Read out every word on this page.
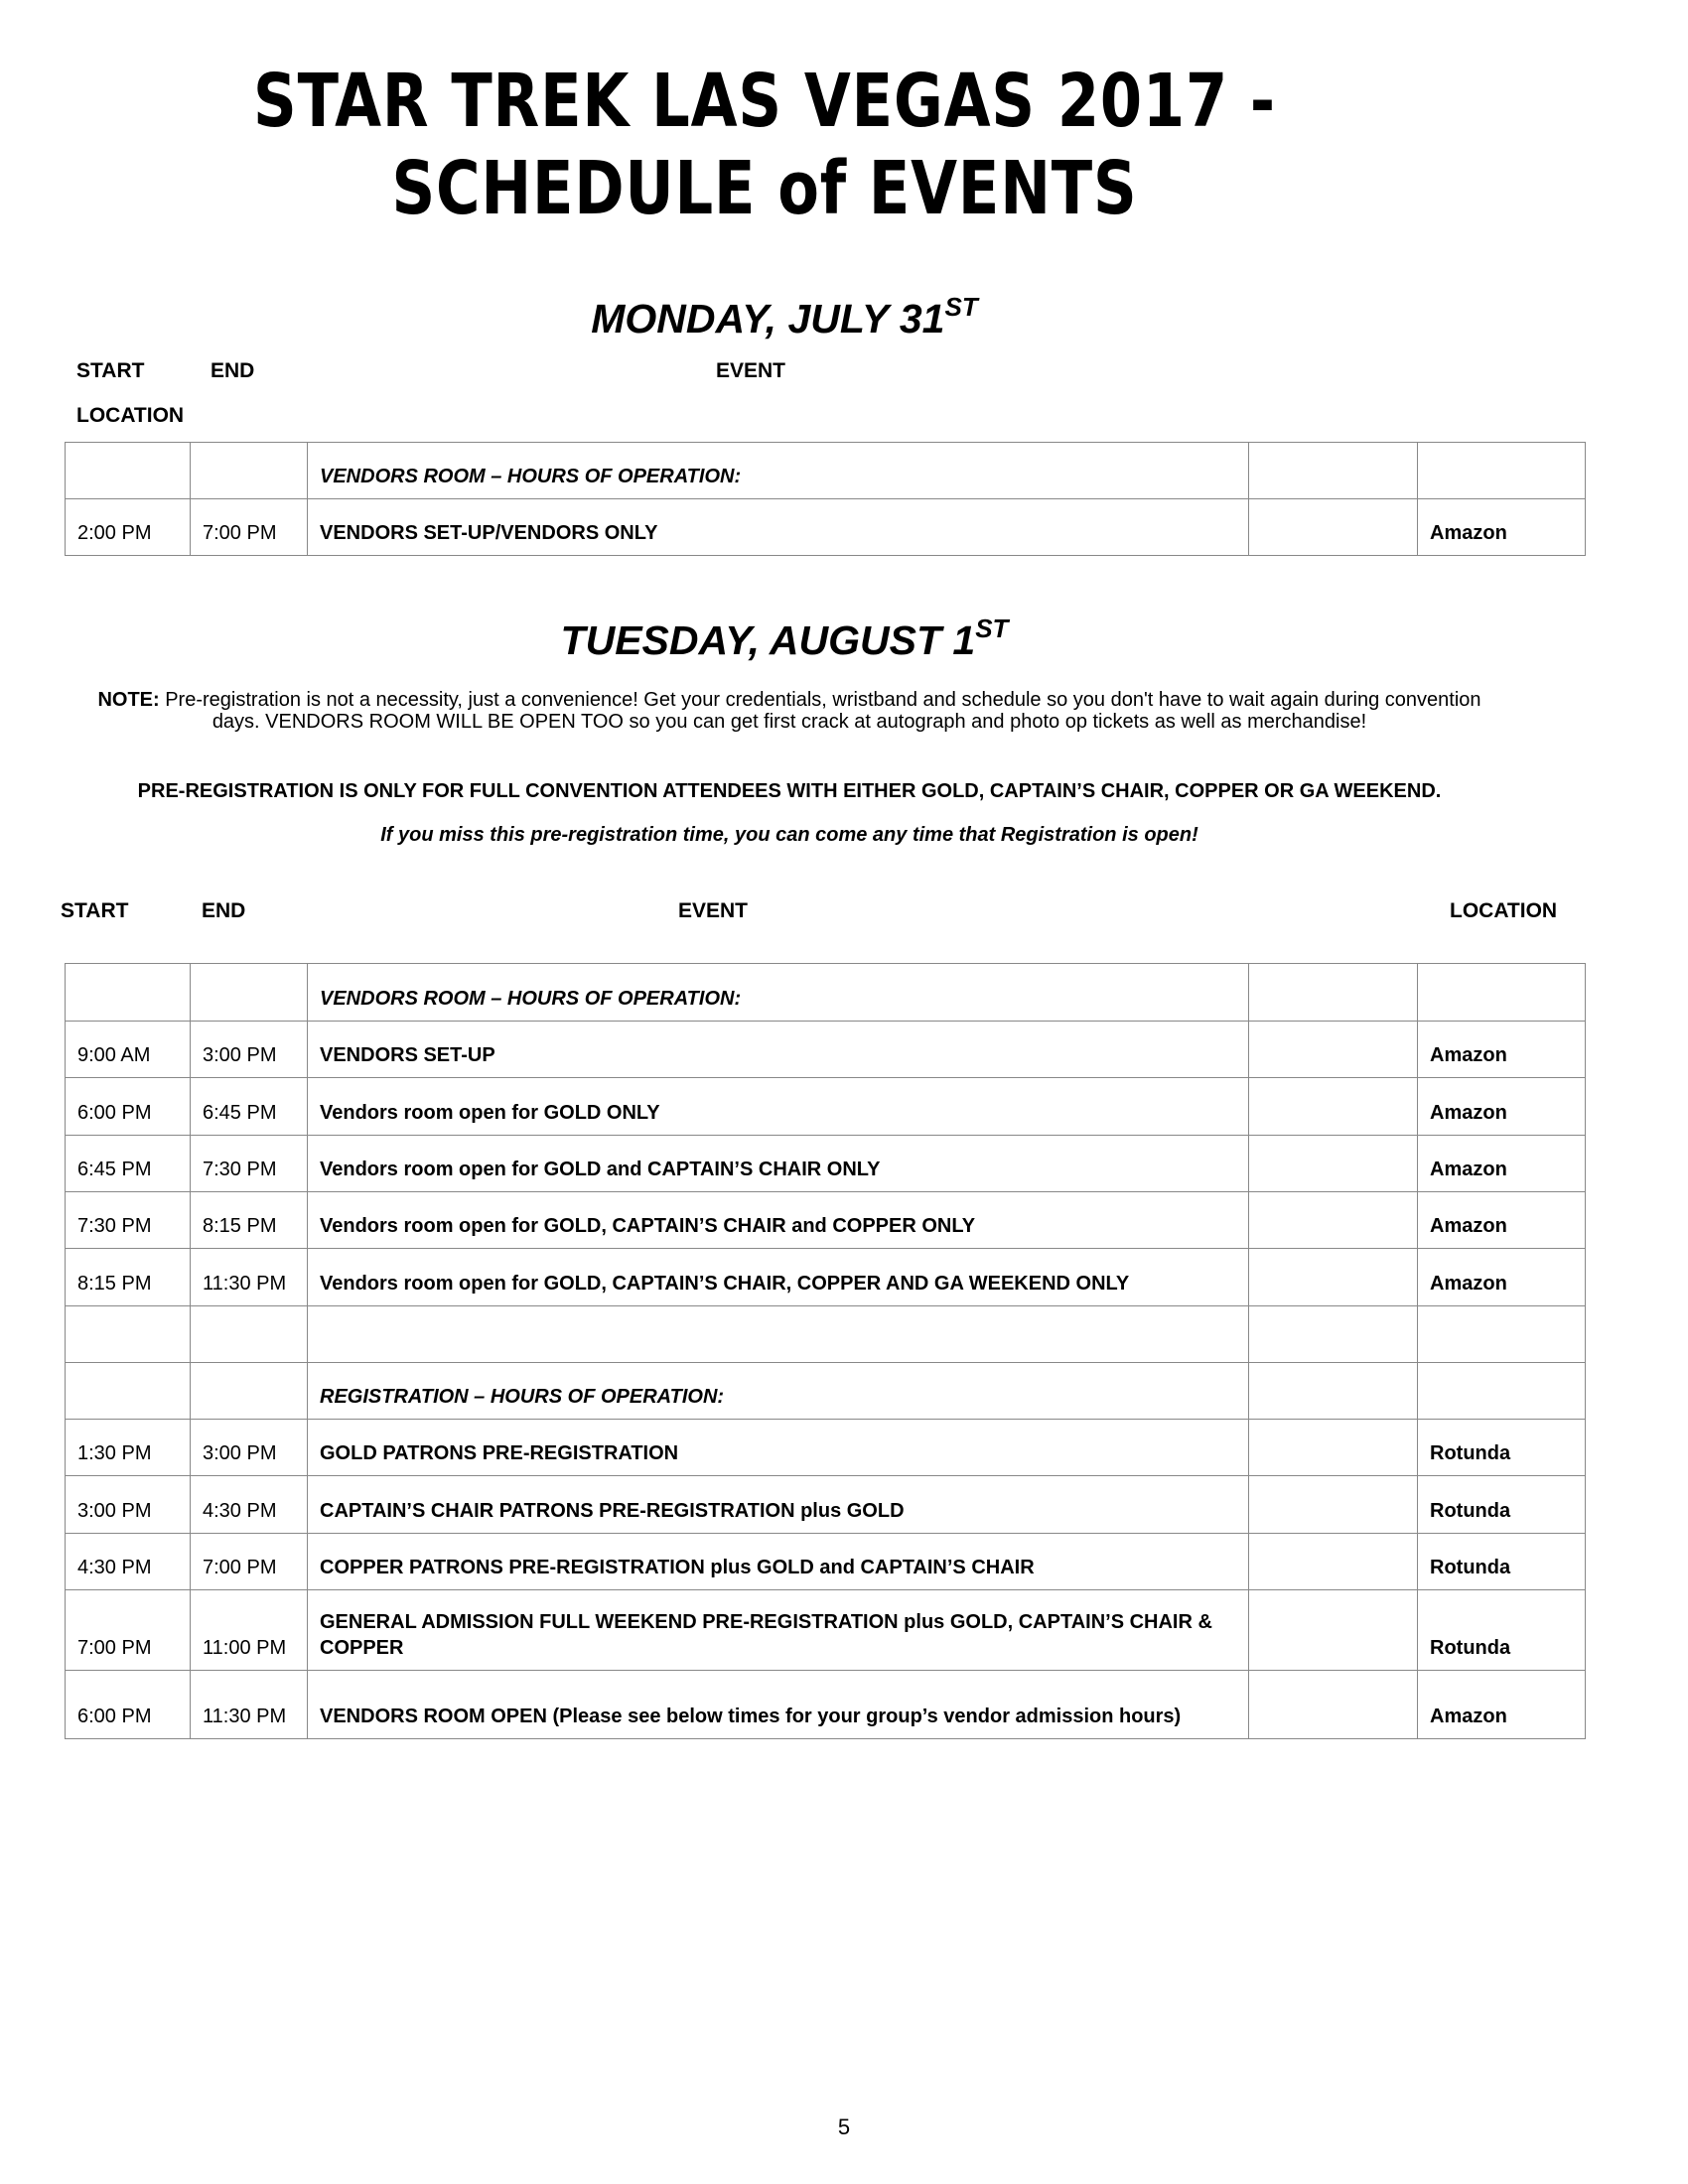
STAR TREK LAS VEGAS 2017 - SCHEDULE of EVENTS
MONDAY, JULY 31ST
START	END	EVENT
LOCATION
		VENDORS ROOM – HOURS OF OPERATION:		
2:00 PM	7:00 PM	VENDORS SET-UP/VENDORS ONLY		Amazon
TUESDAY, AUGUST 1ST

NOTE: Pre-registration is not a necessity, just a convenience! Get your credentials, wristband and schedule so you don't have to wait again during convention days. VENDORS ROOM WILL BE OPEN TOO so you can get first crack at autograph and photo op tickets as well as merchandise!

PRE-REGISTRATION IS ONLY FOR FULL CONVENTION ATTENDEES WITH EITHER GOLD, CAPTAIN’S CHAIR, COPPER OR GA WEEKEND.

If you miss this pre-registration time, you can come any time that Registration is open!

START	END	EVENT	LOCATION
		VENDORS ROOM – HOURS OF OPERATION:		
9:00 AM	3:00 PM	VENDORS SET-UP		Amazon
6:00 PM	6:45 PM	Vendors room open for GOLD ONLY		Amazon
6:45 PM	7:30 PM	Vendors room open for GOLD and CAPTAIN’S CHAIR ONLY		Amazon
7:30 PM	8:15 PM	Vendors room open for GOLD, CAPTAIN’S CHAIR and COPPER ONLY		Amazon
8:15 PM	11:30 PM	Vendors room open for GOLD, CAPTAIN’S CHAIR, COPPER AND GA WEEKEND ONLY		Amazon

		REGISTRATION – HOURS OF OPERATION:		
1:30 PM	3:00 PM	GOLD PATRONS PRE-REGISTRATION		Rotunda
3:00 PM	4:30 PM	CAPTAIN’S CHAIR PATRONS PRE-REGISTRATION plus GOLD		Rotunda
4:30 PM	7:00 PM	COPPER PATRONS PRE-REGISTRATION plus GOLD and CAPTAIN’S CHAIR		Rotunda
7:00 PM	11:00 PM	GENERAL ADMISSION FULL WEEKEND PRE-REGISTRATION plus GOLD, CAPTAIN’S CHAIR & COPPER		Rotunda
6:00 PM	11:30 PM	VENDORS ROOM OPEN (Please see below times for your group’s vendor admission hours)		Amazon
5
